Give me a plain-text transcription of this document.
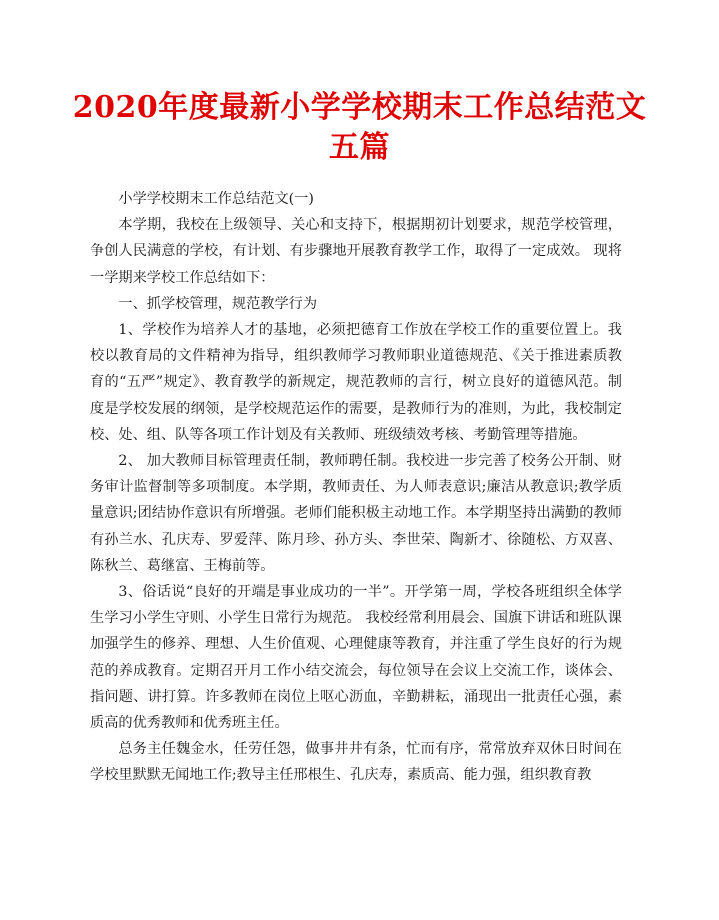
2020年度最新小学学校期末工作总结范文五篇

小学学校期末工作总结范文(一)

本学期，我校在上级领导、关心和支持下，根据期初计划要求，规范学校管理，争创人民满意的学校，有计划、有步骤地开展教育教学工作，取得了一定成效。 现将一学期来学校工作总结如下：

一、抓学校管理，规范教学行为

1、学校作为培养人才的基地，必须把德育工作放在学校工作的重要位置上。我校以教育局的文件精神为指导，组织教师学习教师职业道德规范、《关于推进素质教育的“五严”规定》、教育教学的新规定，规范教师的言行，树立良好的道德风范。制度是学校发展的纲领，是学校规范运作的需要，是教师行为的准则，为此，我校制定校、处、组、队等各项工作计划及有关教师、班级绩效考核、考勤管理等措施。

2、 加大教师目标管理责任制，教师聘任制。我校进一步完善了校务公开制、财务审计监督制等多项制度。本学期，教师责任、为人师表意识;廉洁从教意识;教学质量意识;团结协作意识有所增强。老师们能积极主动地工作。本学期坚持出满勤的教师有孙兰水、孔庆寿、罗爱萍、陈月珍、孙方头、李世荣、陶新才、徐随松、方双喜、陈秋兰、葛继富、王梅前等。

3、俗话说“良好的开端是事业成功的一半”。开学第一周，学校各班组织全体学生学习小学生守则、小学生日常行为规范。 我校经常利用晨会、国旗下讲话和班队课加强学生的修养、理想、人生价值观、心理健康等教育，并注重了学生良好的行为规范的养成教育。定期召开月工作小结交流会，每位领导在会议上交流工作，谈体会、指问题、讲打算。许多教师在岗位上呕心沥血，辛勤耕耘，涌现出一批责任心强，素质高的优秀教师和优秀班主任。

总务主任魏金水，任劳任怨，做事井井有条，忙而有序，常常放弃双休日时间在学校里默默无闻地工作;教导主任邢根生、孔庆寿，素质高、能力强，组织教育教
